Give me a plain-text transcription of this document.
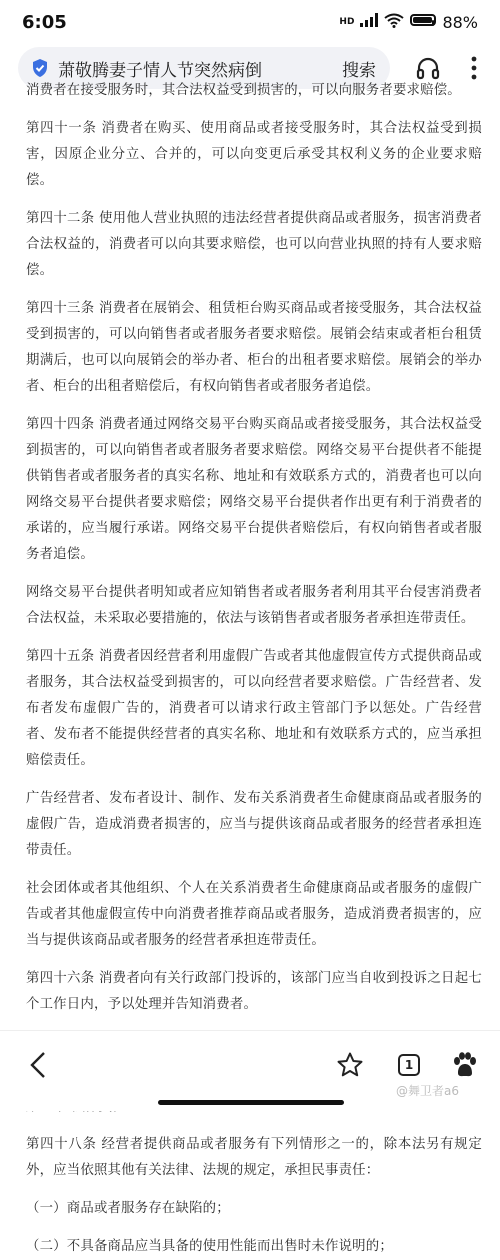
6:05	HD	88%
萧敬腾妻子情人节突然病倒	搜索

消费者在接受服务时，其合法权益受到损害的，可以向服务者要求赔偿。

第四十一条 消费者在购买、使用商品或者接受服务时，其合法权益受到损害，因原企业分立、合并的，可以向变更后承受其权利义务的企业要求赔偿。

第四十二条 使用他人营业执照的违法经营者提供商品或者服务，损害消费者合法权益的，消费者可以向其要求赔偿，也可以向营业执照的持有人要求赔偿。

第四十三条 消费者在展销会、租赁柜台购买商品或者接受服务，其合法权益受到损害的，可以向销售者或者服务者要求赔偿。展销会结束或者柜台租赁期满后，也可以向展销会的举办者、柜台的出租者要求赔偿。展销会的举办者、柜台的出租者赔偿后，有权向销售者或者服务者追偿。

第四十四条 消费者通过网络交易平台购买商品或者接受服务，其合法权益受到损害的，可以向销售者或者服务者要求赔偿。网络交易平台提供者不能提供销售者或者服务者的真实名称、地址和有效联系方式的，消费者也可以向网络交易平台提供者要求赔偿；网络交易平台提供者作出更有利于消费者的承诺的，应当履行承诺。网络交易平台提供者赔偿后，有权向销售者或者服务者追偿。

网络交易平台提供者明知或者应知销售者或者服务者利用其平台侵害消费者合法权益，未采取必要措施的，依法与该销售者或者服务者承担连带责任。

第四十五条 消费者因经营者利用虚假广告或者其他虚假宣传方式提供商品或者服务，其合法权益受到损害的，可以向经营者要求赔偿。广告经营者、发布者发布虚假广告的，消费者可以请求行政主管部门予以惩处。广告经营者、发布者不能提供经营者的真实名称、地址和有效联系方式的，应当承担赔偿责任。

广告经营者、发布者设计、制作、发布关系消费者生命健康商品或者服务的虚假广告，造成消费者损害的，应当与提供该商品或者服务的经营者承担连带责任。

社会团体或者其他组织、个人在关系消费者生命健康商品或者服务的虚假广告或者其他虚假宣传中向消费者推荐商品或者服务，造成消费者损害的，应当与提供该商品或者服务的经营者承担连带责任。

第四十六条 消费者向有关行政部门投诉的，该部门应当自收到投诉之日起七个工作日内，予以处理并告知消费者。

第四十八条 经营者提供商品或者服务有下列情形之一的，除本法另有规定外，应当依照其他有关法律、法规的规定，承担民事责任：

（一）商品或者服务存在缺陷的；

（二）不具备商品应当具备的使用性能而出售时未作说明的；

1
@舞卫者a6
